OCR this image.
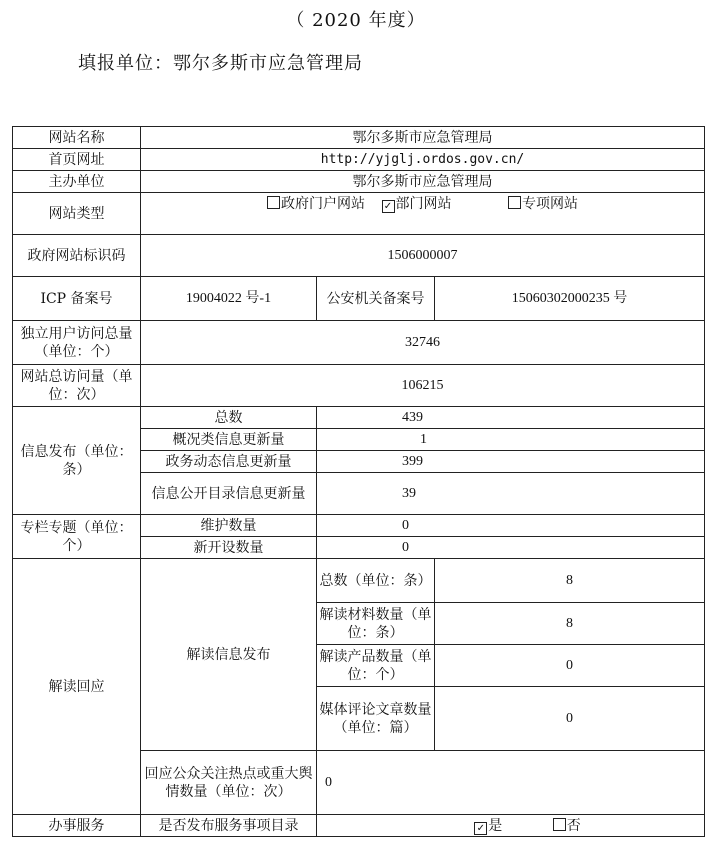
（ 2020 年度）
填报单位：鄂尔多斯市应急管理局
网站名称	鄂尔多斯市应急管理局		
首页网址	http://yjglj.ordos.gov.cn/		
主办单位	鄂尔多斯市应急管理局		
网站类型	政府门户网站 ✓ 部门网站 专项网站		
政府网站标识码	1506000007		
ICP 备案号	19004022 号-1	公安机关备案号	15060302000235 号
独立用户访问总量（单位：个）	32746		
网站总访问量（单位：次）	106215		
信息发布（单位：条）	总数	439	
	概况类信息更新量	1	
	政务动态信息更新量	399	
	信息公开目录信息更新量	39	
专栏专题（单位：个）	维护数量	0	
	新开设数量	0	
解读回应	解读信息发布	总数（单位：条）	8
		解读材料数量（单位：条）	8
		解读产品数量（单位：个）	0
		媒体评论文章数量（单位：篇）	0
	回应公众关注热点或重大舆情数量（单位：次）	0	
办事服务	是否发布服务事项目录	✓ 是 否	
